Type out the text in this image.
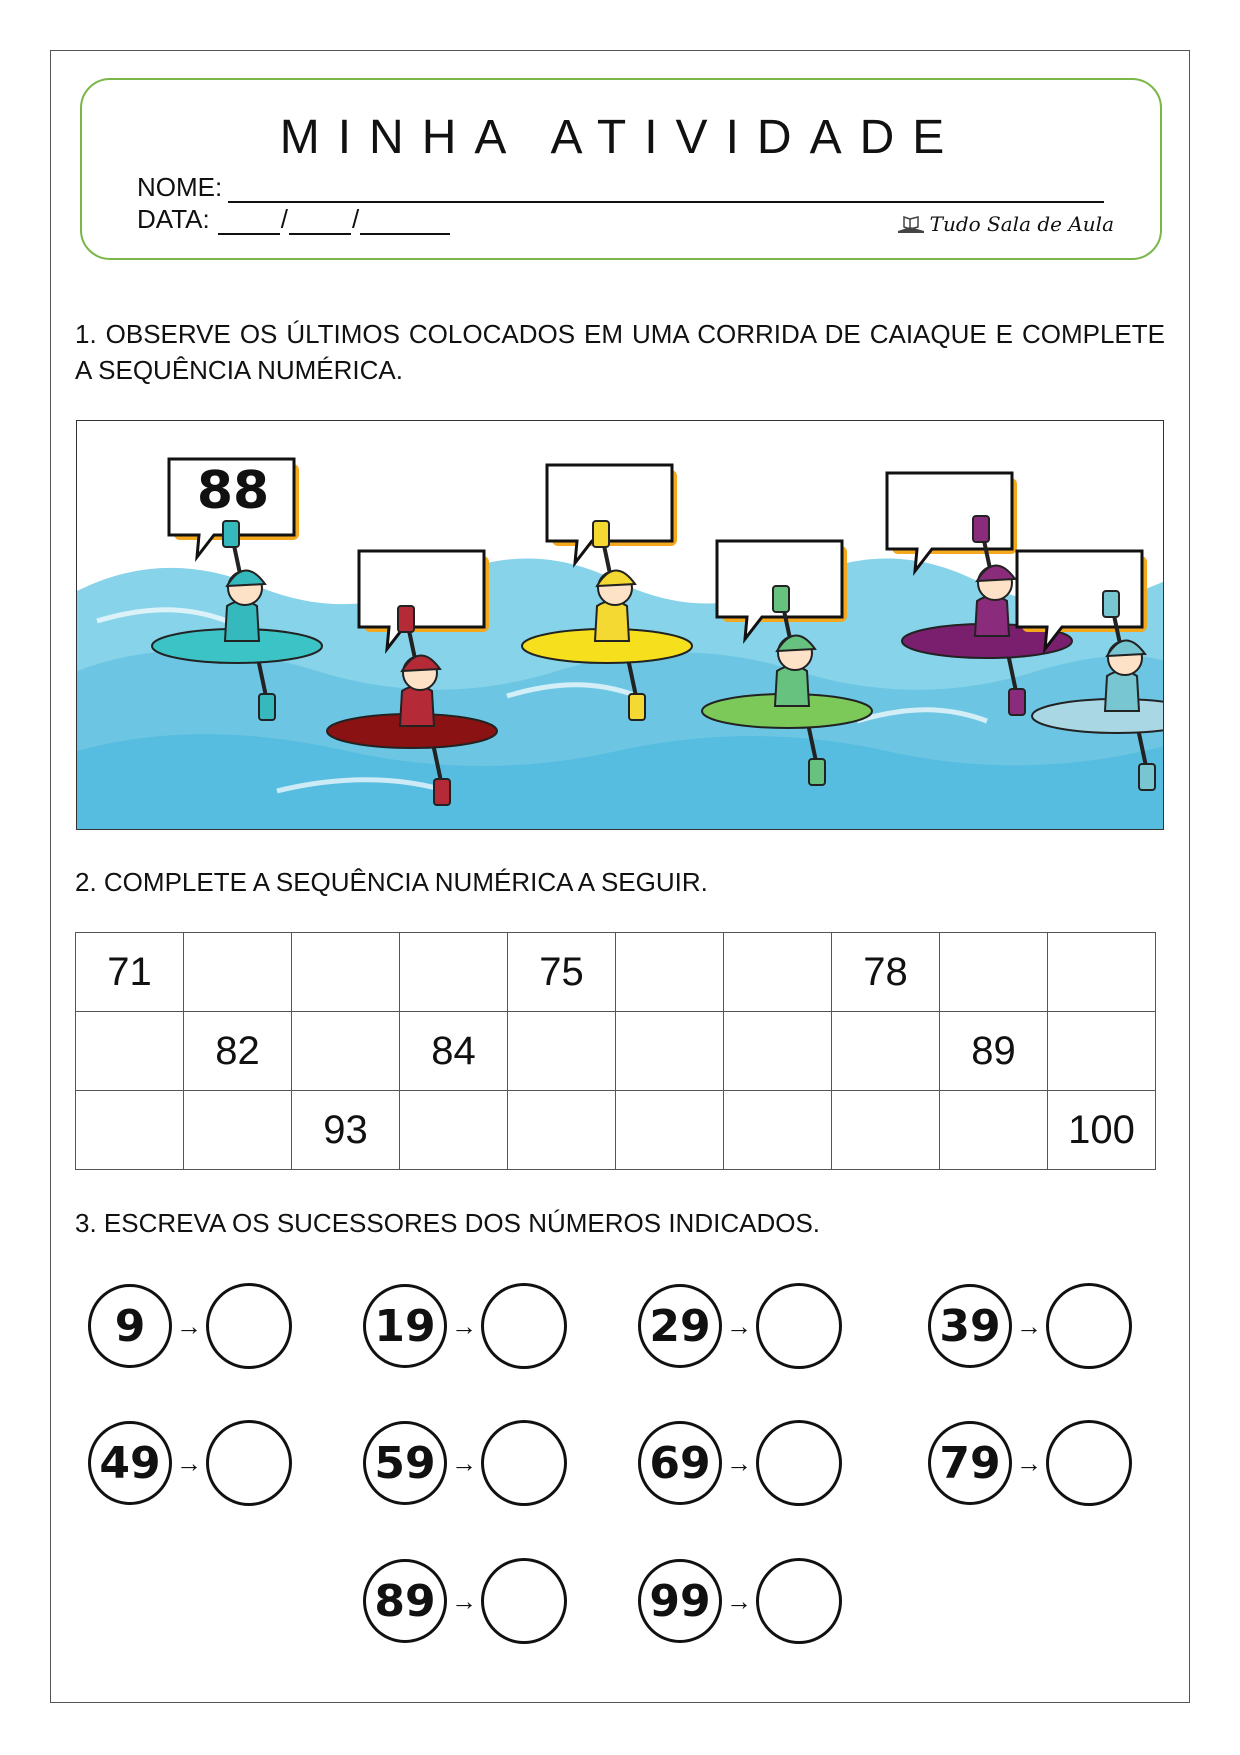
MINHA ATIVIDADE
NOME:
DATA:	/ /	Tudo Sala de Aula
1. OBSERVE OS ÚLTIMOS COLOCADOS EM UMA CORRIDA DE CAIAQUE E COMPLETE A SEQUÊNCIA NUMÉRICA.
88
2. COMPLETE A SEQUÊNCIA NUMÉRICA A SEGUIR.
71				75			78		
	82		84					89	
		93							100
3. ESCREVA OS SUCESSORES DOS NÚMEROS INDICADOS.
9	→	19 →	29 →	39 →
49 →	59 →	69 →	79 →
89 →	99 →
